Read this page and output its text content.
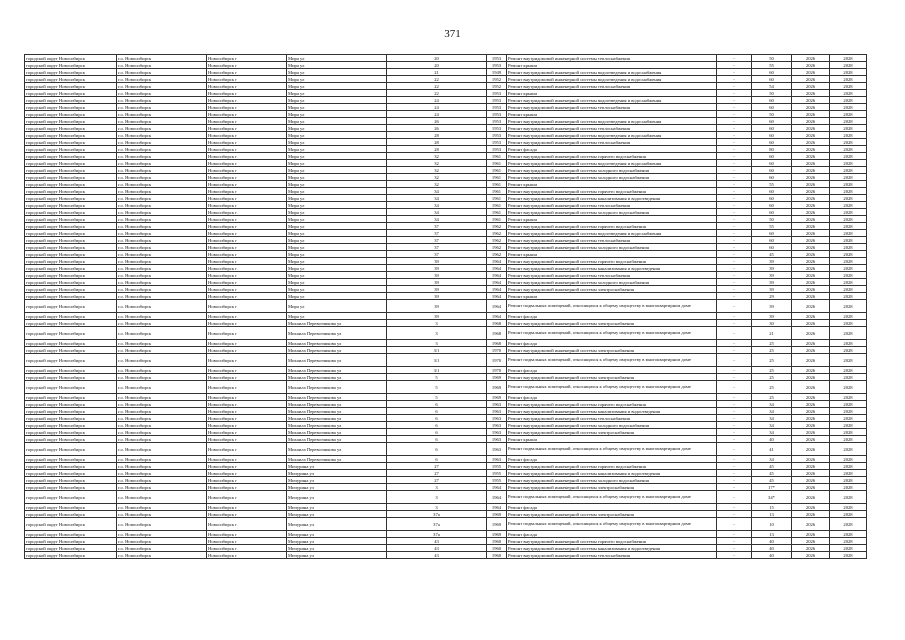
371
городской округ Новосибирск	г.о. Новосибирск	Новосибирск г	Мира ул	20	1953	Ремонт внутридомовой инженерной системы теплоснабжения	-	50	2026	2028
городской округ Новосибирск	г.о. Новосибирск	Новосибирск г	Мира ул	20	1953	Ремонт крыши	-	55	2026	2028
городской округ Новосибирск	г.о. Новосибирск	Новосибирск г	Мира ул	21	1949	Ремонт внутридомовой инженерной системы водоотведения и водоснабжения	-	60	2026	2028
городской округ Новосибирск	г.о. Новосибирск	Новосибирск г	Мира ул	22	1952	Ремонт внутридомовой инженерной системы водоотведения и водоснабжения	-	60	2026	2028
городской округ Новосибирск	г.о. Новосибирск	Новосибирск г	Мира ул	22	1952	Ремонт внутридомовой инженерной системы теплоснабжения	-	54	2026	2028
городской округ Новосибирск	г.о. Новосибирск	Новосибирск г	Мира ул	22	1953	Ремонт крыши	-	50	2026	2028
городской округ Новосибирск	г.о. Новосибирск	Новосибирск г	Мира ул	24	1953	Ремонт внутридомовой инженерной системы водоотведения и водоснабжения	-	60	2026	2028
городской округ Новосибирск	г.о. Новосибирск	Новосибирск г	Мира ул	24	1953	Ремонт внутридомовой инженерной системы теплоснабжения	-	60	2026	2028
городской округ Новосибирск	г.о. Новосибирск	Новосибирск г	Мира ул	24	1953	Ремонт крыши	-	50	2026	2028
городской округ Новосибирск	г.о. Новосибирск	Новосибирск г	Мира ул	26	1953	Ремонт внутридомовой инженерной системы водоотведения и водоснабжения	-	60	2026	2028
городской округ Новосибирск	г.о. Новосибирск	Новосибирск г	Мира ул	26	1953	Ремонт внутридомовой инженерной системы теплоснабжения	-	60	2026	2028
городской округ Новосибирск	г.о. Новосибирск	Новосибирск г	Мира ул	28	1953	Ремонт внутридомовой инженерной системы водоотведения и водоснабжения	-	60	2026	2028
городской округ Новосибирск	г.о. Новосибирск	Новосибирск г	Мира ул	28	1953	Ремонт внутридомовой инженерной системы теплоснабжения	-	60	2026	2028
городской округ Новосибирск	г.о. Новосибирск	Новосибирск г	Мира ул	28	1953	Ремонт фасада	-	80	2026	2028
городской округ Новосибирск	г.о. Новосибирск	Новосибирск г	Мира ул	32	1961	Ремонт внутридомовой инженерной системы горячего водоснабжения	-	60	2026	2028
городской округ Новосибирск	г.о. Новосибирск	Новосибирск г	Мира ул	32	1961	Ремонт внутридомовой инженерной системы водоотведения и водоснабжения	-	60	2026	2028
городской округ Новосибирск	г.о. Новосибирск	Новосибирск г	Мира ул	32	1961	Ремонт внутридомовой инженерной системы холодного водоснабжения	-	60	2026	2028
городской округ Новосибирск	г.о. Новосибирск	Новосибирск г	Мира ул	32	1961	Ремонт внутридомовой инженерной системы холодного водоснабжения	-	60	2026	2028
городской округ Новосибирск	г.о. Новосибирск	Новосибирск г	Мира ул	32	1961	Ремонт крыши	-	55	2026	2028
городской округ Новосибирск	г.о. Новосибирск	Новосибирск г	Мира ул	34	1961	Ремонт внутридомовой инженерной системы горячего водоснабжения	-	60	2026	2028
городской округ Новосибирск	г.о. Новосибирск	Новосибирск г	Мира ул	34	1961	Ремонт внутридомовой инженерной системы канализования и водоотведения	-	60	2026	2028
городской округ Новосибирск	г.о. Новосибирск	Новосибирск г	Мира ул	34	1961	Ремонт внутридомовой инженерной системы теплоснабжения	-	60	2026	2028
городской округ Новосибирск	г.о. Новосибирск	Новосибирск г	Мира ул	34	1961	Ремонт внутридомовой инженерной системы холодного водоснабжения	-	60	2026	2028
городской округ Новосибирск	г.о. Новосибирск	Новосибирск г	Мира ул	34	1961	Ремонт крыши	-	50	2026	2028
городской округ Новосибирск	г.о. Новосибирск	Новосибирск г	Мира ул	37	1962	Ремонт внутридомовой инженерной системы горячего водоснабжения	-	55	2026	2028
городской округ Новосибирск	г.о. Новосибирск	Новосибирск г	Мира ул	37	1962	Ремонт внутридомовой инженерной системы водоотведения и водоснабжения	-	60	2026	2028
городской округ Новосибирск	г.о. Новосибирск	Новосибирск г	Мира ул	37	1962	Ремонт внутридомовой инженерной системы теплоснабжения	-	60	2026	2028
городской округ Новосибирск	г.о. Новосибирск	Новосибирск г	Мира ул	37	1962	Ремонт внутридомовой инженерной системы холодного водоснабжения	-	60	2026	2028
городской округ Новосибирск	г.о. Новосибирск	Новосибирск г	Мира ул	37	1962	Ремонт крыши	-	45	2026	2028
городской округ Новосибирск	г.о. Новосибирск	Новосибирск г	Мира ул	39	1964	Ремонт внутридомовой инженерной системы горячего водоснабжения	-	39	2026	2028
городской округ Новосибирск	г.о. Новосибирск	Новосибирск г	Мира ул	39	1964	Ремонт внутридомовой инженерной системы канализования и водоотведения	-	39	2026	2028
городской округ Новосибирск	г.о. Новосибирск	Новосибирск г	Мира ул	39	1964	Ремонт внутридомовой инженерной системы теплоснабжения	-	39	2026	2028
городской округ Новосибирск	г.о. Новосибирск	Новосибирск г	Мира ул	39	1964	Ремонт внутридомовой инженерной системы холодного водоснабжения	-	39	2026	2028
городской округ Новосибирск	г.о. Новосибирск	Новосибирск г	Мира ул	39	1964	Ремонт внутридомовой инженерной системы электроснабжения	-	39	2026	2028
городской округ Новосибирск	г.о. Новосибирск	Новосибирск г	Мира ул	39	1964	Ремонт крыши	-	29	2026	2028
городской округ Новосибирск	г.о. Новосибирск	Новосибирск г	Мира ул	39	1964	Ремонт подвальных помещений, относящихся к общему имуществу в многоквартирном доме	-	39	2026	2028
городской округ Новосибирск	г.о. Новосибирск	Новосибирск г	Мира ул	39	1964	Ремонт фасада	-	39	2026	2028
городской округ Новосибирск	г.о. Новосибирск	Новосибирск г	Михаила Перевозчикова ул	3	1968	Ремонт внутридомовой инженерной системы электроснабжения	-	30	2026	2028
городской округ Новосибирск	г.о. Новосибирск	Новосибирск г	Михаила Перевозчикова ул	3	1968	Ремонт подвальных помещений, относящихся к общему имуществу в многоквартирном доме	-	21	2026	2028
городской округ Новосибирск	г.о. Новосибирск	Новосибирск г	Михаила Перевозчикова ул	3	1968	Ремонт фасада	-	25	2026	2028
городской округ Новосибирск	г.о. Новосибирск	Новосибирск г	Михаила Перевозчикова ул	3/1	1970	Ремонт внутридомовой инженерной системы электроснабжения	-	25	2026	2028
городской округ Новосибирск	г.о. Новосибирск	Новосибирск г	Михаила Перевозчикова ул	3/1	1970	Ремонт подвальных помещений, относящихся к общему имуществу в многоквартирном доме	-	25	2026	2028
городской округ Новосибирск	г.о. Новосибирск	Новосибирск г	Михаила Перевозчикова ул	3/1	1970	Ремонт фасада	-	25	2026	2028
городской округ Новосибирск	г.о. Новосибирск	Новосибирск г	Михаила Перевозчикова ул	5	1969	Ремонт внутридомовой инженерной системы электроснабжения	-	25	2026	2028
городской округ Новосибирск	г.о. Новосибирск	Новосибирск г	Михаила Перевозчикова ул	5	1969	Ремонт подвальных помещений, относящихся к общему имуществу в многоквартирном доме	-	25	2026	2028
городской округ Новосибирск	г.о. Новосибирск	Новосибирск г	Михаила Перевозчикова ул	5	1969	Ремонт фасада	-	25	2026	2028
городской округ Новосибирск	г.о. Новосибирск	Новосибирск г	Михаила Перевозчикова ул	6	1963	Ремонт внутридомовой инженерной системы горячего водоснабжения	-	34	2026	2028
городской округ Новосибирск	г.о. Новосибирск	Новосибирск г	Михаила Перевозчикова ул	6	1963	Ремонт внутридомовой инженерной системы канализования и водоотведения	-	34	2026	2028
городской округ Новосибирск	г.о. Новосибирск	Новосибирск г	Михаила Перевозчикова ул	6	1963	Ремонт внутридомовой инженерной системы теплоснабжения	-	34	2026	2028
городской округ Новосибирск	г.о. Новосибирск	Новосибирск г	Михаила Перевозчикова ул	6	1963	Ремонт внутридомовой инженерной системы холодного водоснабжения	-	34	2026	2028
городской округ Новосибирск	г.о. Новосибирск	Новосибирск г	Михаила Перевозчикова ул	6	1963	Ремонт внутридомовой инженерной системы электроснабжения	-	34	2026	2028
городской округ Новосибирск	г.о. Новосибирск	Новосибирск г	Михаила Перевозчикова ул	6	1963	Ремонт крыши	-	40	2026	2028
городской округ Новосибирск	г.о. Новосибирск	Новосибирск г	Михаила Перевозчикова ул	6	1963	Ремонт подвальных помещений, относящихся к общему имуществу в многоквартирном доме	-	41	2026	2028
городской округ Новосибирск	г.о. Новосибирск	Новосибирск г	Михаила Перевозчикова ул	6	1963	Ремонт фасада	-	34	2026	2028
городской округ Новосибирск	г.о. Новосибирск	Новосибирск г	Мичурина ул	27	1955	Ремонт внутридомовой инженерной системы горячего водоснабжения	-	45	2026	2028
городской округ Новосибирск	г.о. Новосибирск	Новосибирск г	Мичурина ул	27	1955	Ремонт внутридомовой инженерной системы канализования и водоотведения	-	45	2026	2028
городской округ Новосибирск	г.о. Новосибирск	Новосибирск г	Мичурина ул	27	1955	Ремонт внутридомовой инженерной системы холодного водоснабжения	-	45	2026	2028
городской округ Новосибирск	г.о. Новосибирск	Новосибирск г	Мичурина ул	3	1964	Ремонт внутридомовой инженерной системы электроснабжения	-	17*	2026	2028
городской округ Новосибирск	г.о. Новосибирск	Новосибирск г	Мичурина ул	3	1964	Ремонт подвальных помещений, относящихся к общему имуществу в многоквартирном доме	-	34*	2026	2028
городской округ Новосибирск	г.о. Новосибирск	Новосибирск г	Мичурина ул	3	1964	Ремонт фасада	-	15	2026	2028
городской округ Новосибирск	г.о. Новосибирск	Новосибирск г	Мичурина ул	37а	1969	Ремонт внутридомовой инженерной системы электроснабжения	-	13	2026	2028
городской округ Новосибирск	г.о. Новосибирск	Новосибирск г	Мичурина ул	37а	1969	Ремонт подвальных помещений, относящихся к общему имуществу в многоквартирном доме	-	10	2026	2028
городской округ Новосибирск	г.о. Новосибирск	Новосибирск г	Мичурина ул	37а	1969	Ремонт фасада	-	13	2026	2028
городской округ Новосибирск	г.о. Новосибирск	Новосибирск г	Мичурина ул	43	1960	Ремонт внутридомовой инженерной системы горячего водоснабжения	-	40	2026	2028
городской округ Новосибирск	г.о. Новосибирск	Новосибирск г	Мичурина ул	43	1960	Ремонт внутридомовой инженерной системы канализования и водоотведения	-	40	2026	2028
городской округ Новосибирск	г.о. Новосибирск	Новосибирск г	Мичурина ул	43	1960	Ремонт внутридомовой инженерной системы теплоснабжения	-	40	2026	2028
